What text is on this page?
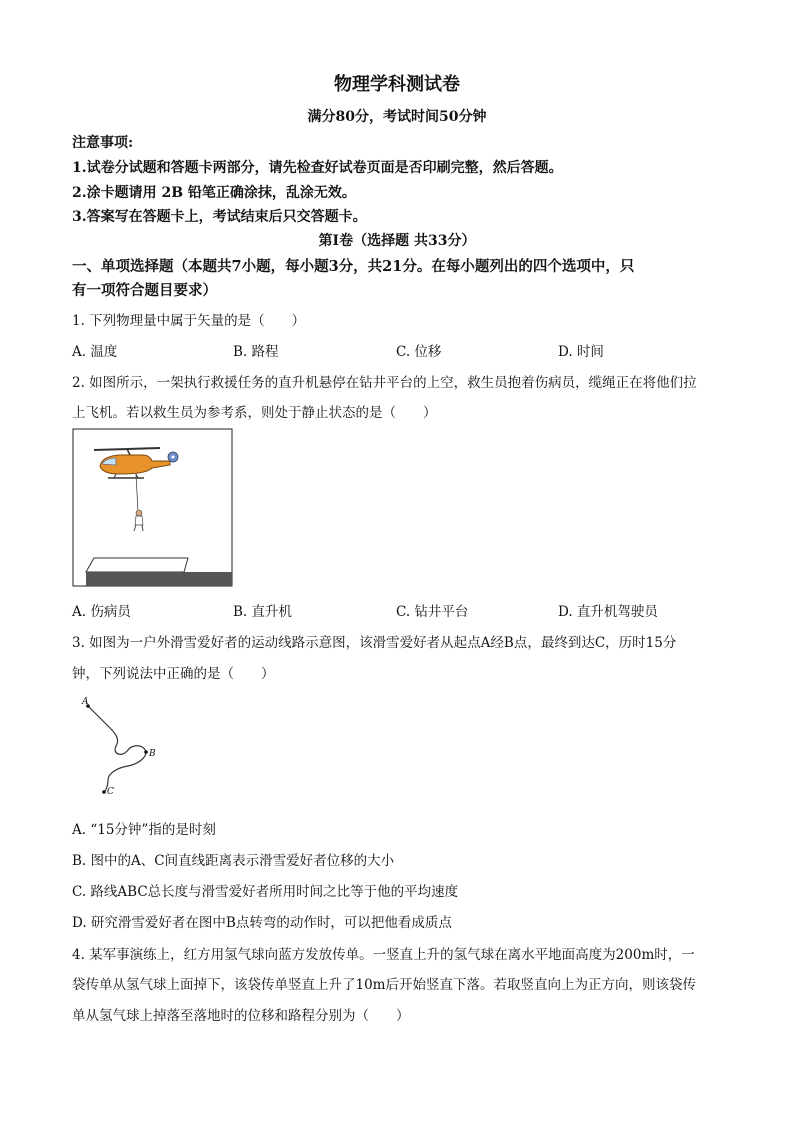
物理学科测试卷
满分80分，考试时间50分钟
注意事项:
1.试卷分试题和答题卡两部分，请先检查好试卷页面是否印刷完整，然后答题。
2.涂卡题请用 2B 铅笔正确涂抹，乱涂无效。
3.答案写在答题卡上，考试结束后只交答题卡。
第Ⅰ卷（选择题 共33分）
一、单项选择题（本题共7小题，每小题3分，共21分。在每小题列出的四个选项中，只
有一项符合题目要求）
1. 下列物理量中属于矢量的是（　　）
A. 温度	B. 路程	C. 位移	D. 时间
2. 如图所示，一架执行救援任务的直升机悬停在钻井平台的上空，救生员抱着伤病员，缆绳正在将他们拉
上飞机。若以救生员为参考系，则处于静止状态的是（　　）
A. 伤病员	B. 直升机	C. 钻井平台	D. 直升机驾驶员
3. 如图为一户外滑雪爱好者的运动线路示意图，该滑雪爱好者从起点A经B点，最终到达C，历时15分
钟，下列说法中正确的是（　　）
A
B
C
A. “15分钟”指的是时刻
B. 图中的A、C间直线距离表示滑雪爱好者位移的大小
C. 路线ABC总长度与滑雪爱好者所用时间之比等于他的平均速度
D. 研究滑雪爱好者在图中B点转弯的动作时，可以把他看成质点
4. 某军事演练上，红方用氢气球向蓝方发放传单。一竖直上升的氢气球在离水平地面高度为200m时，一
袋传单从氢气球上面掉下，该袋传单竖直上升了10m后开始竖直下落。若取竖直向上为正方向，则该袋传
单从氢气球上掉落至落地时的位移和路程分别为（　　）
